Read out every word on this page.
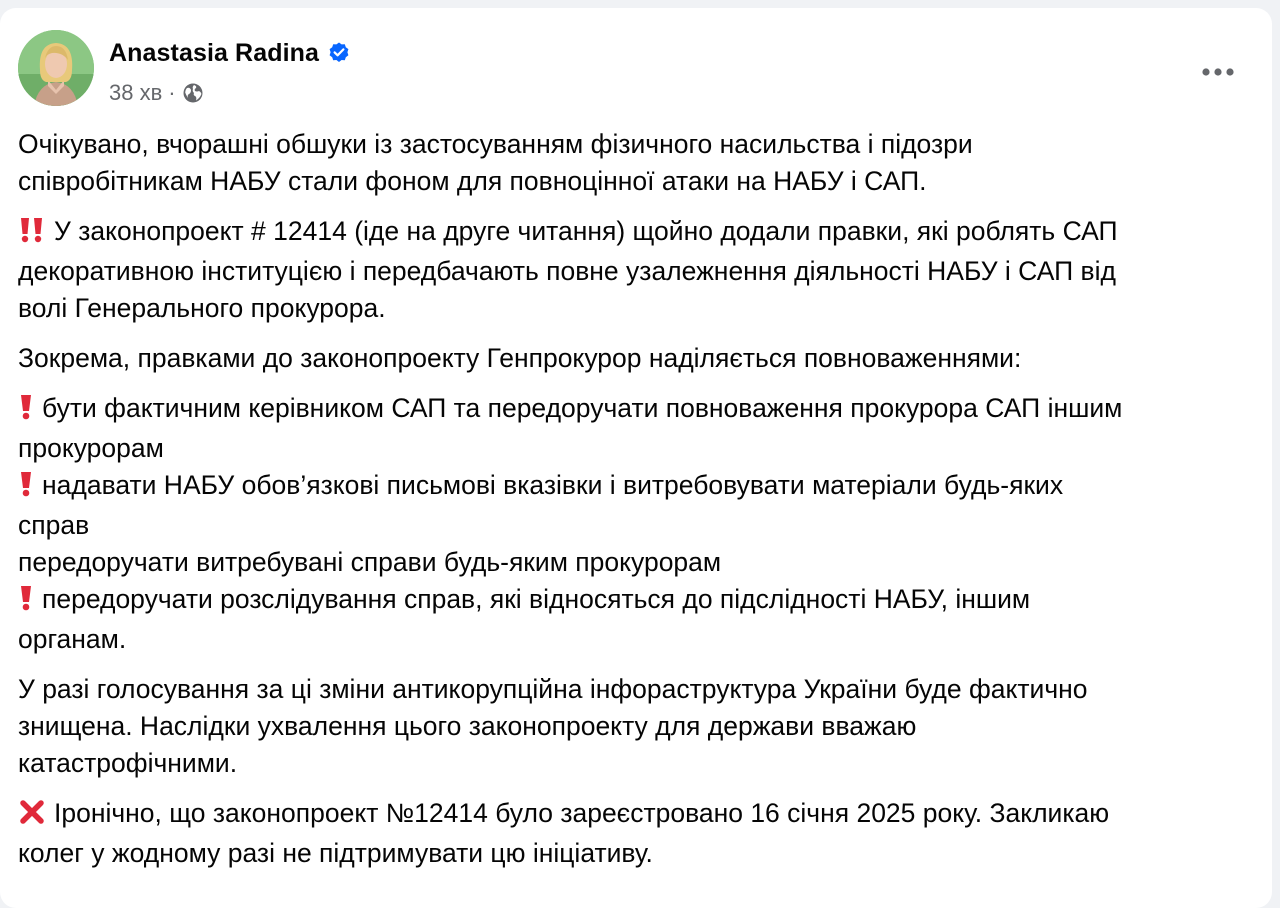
Anastasia Radina
38 хв ·

Очікувано, вчорашні обшуки із застосуванням фізичного насильства і підозри
співробітникам НАБУ стали фоном для повноцінної атаки на НАБУ і САП.

У законопроект # 12414 (іде на друге читання) щойно додали правки, які роблять САП
декоративною інституцією і передбачають повне узалежнення діяльності НАБУ і САП від
волі Генерального прокурора.

Зокрема, правками до законопроекту Генпрокурор наділяється повноваженнями:

бути фактичним керівником САП та передоручати повноваження прокурора САП іншим
прокурорам
надавати НАБУ обов’язкові письмові вказівки і витребовувати матеріали будь-яких
справ
передоручати витребувані справи будь-яким прокурорам
передоручати розслідування справ, які відносяться до підслідності НАБУ, іншим
органам.

У разі голосування за ці зміни антикорупційна інфораструктура України буде фактично
знищена. Наслідки ухвалення цього законопроекту для держави вважаю
катастрофічними.

Іронічно, що законопроект №12414 було зареєстровано 16 січня 2025 року. Закликаю
колег у жодному разі не підтримувати цю ініціативу.
